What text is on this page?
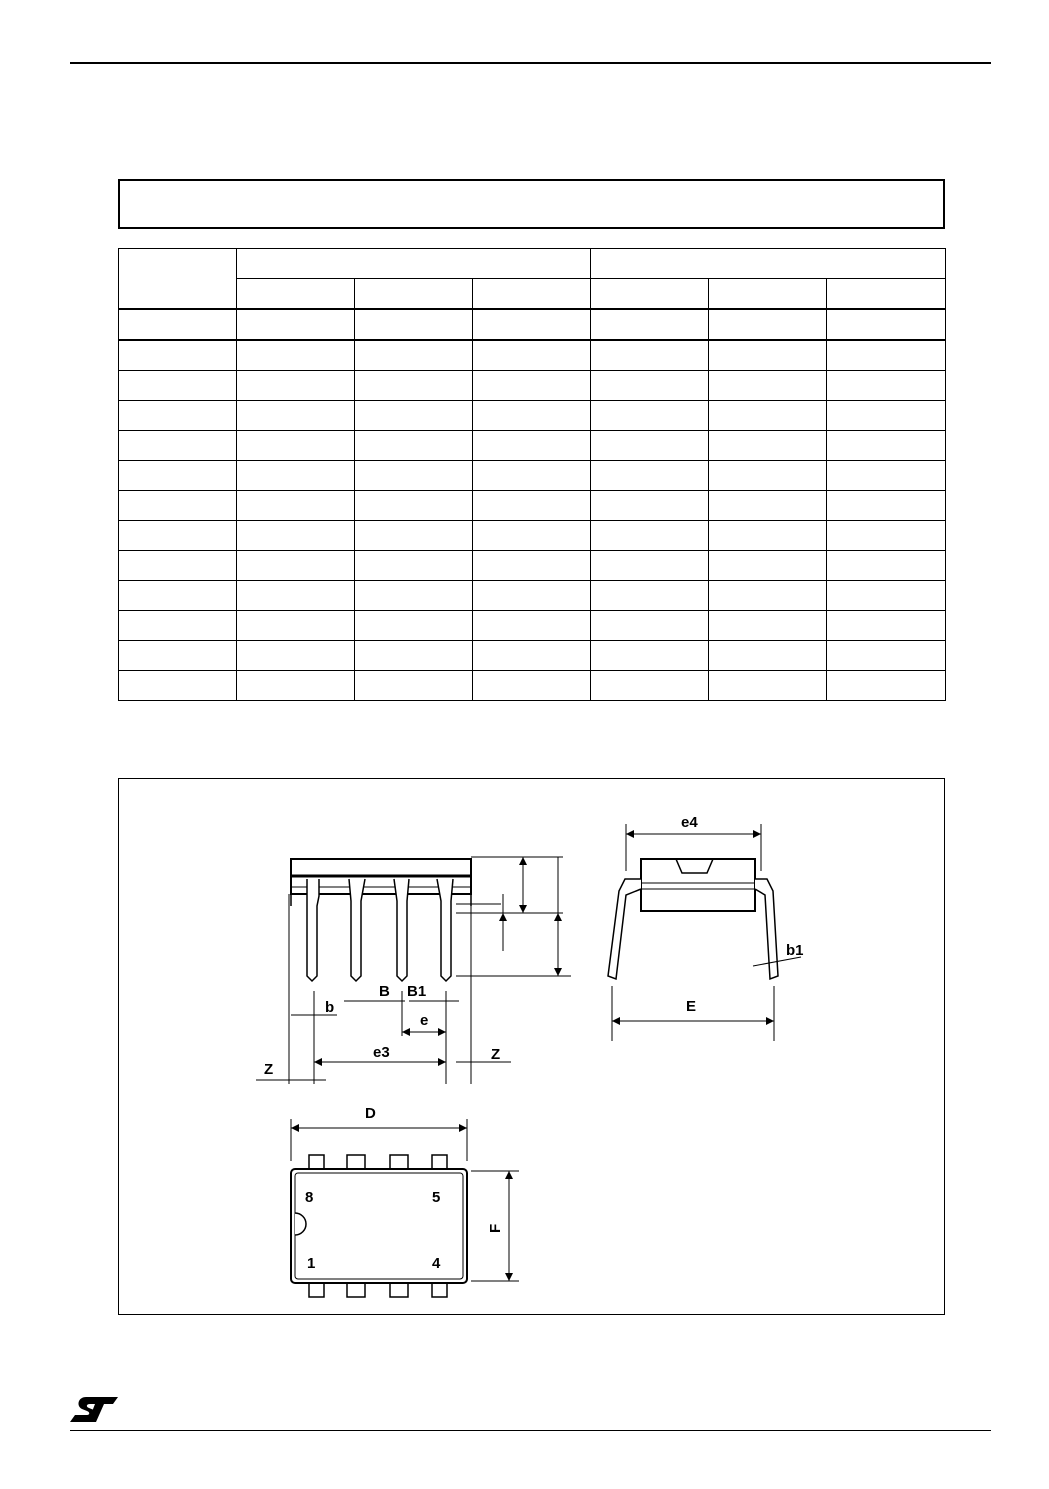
b
B B1
e
e3
Z
Z
e4
b1
E
D
F
8	5
1	4
